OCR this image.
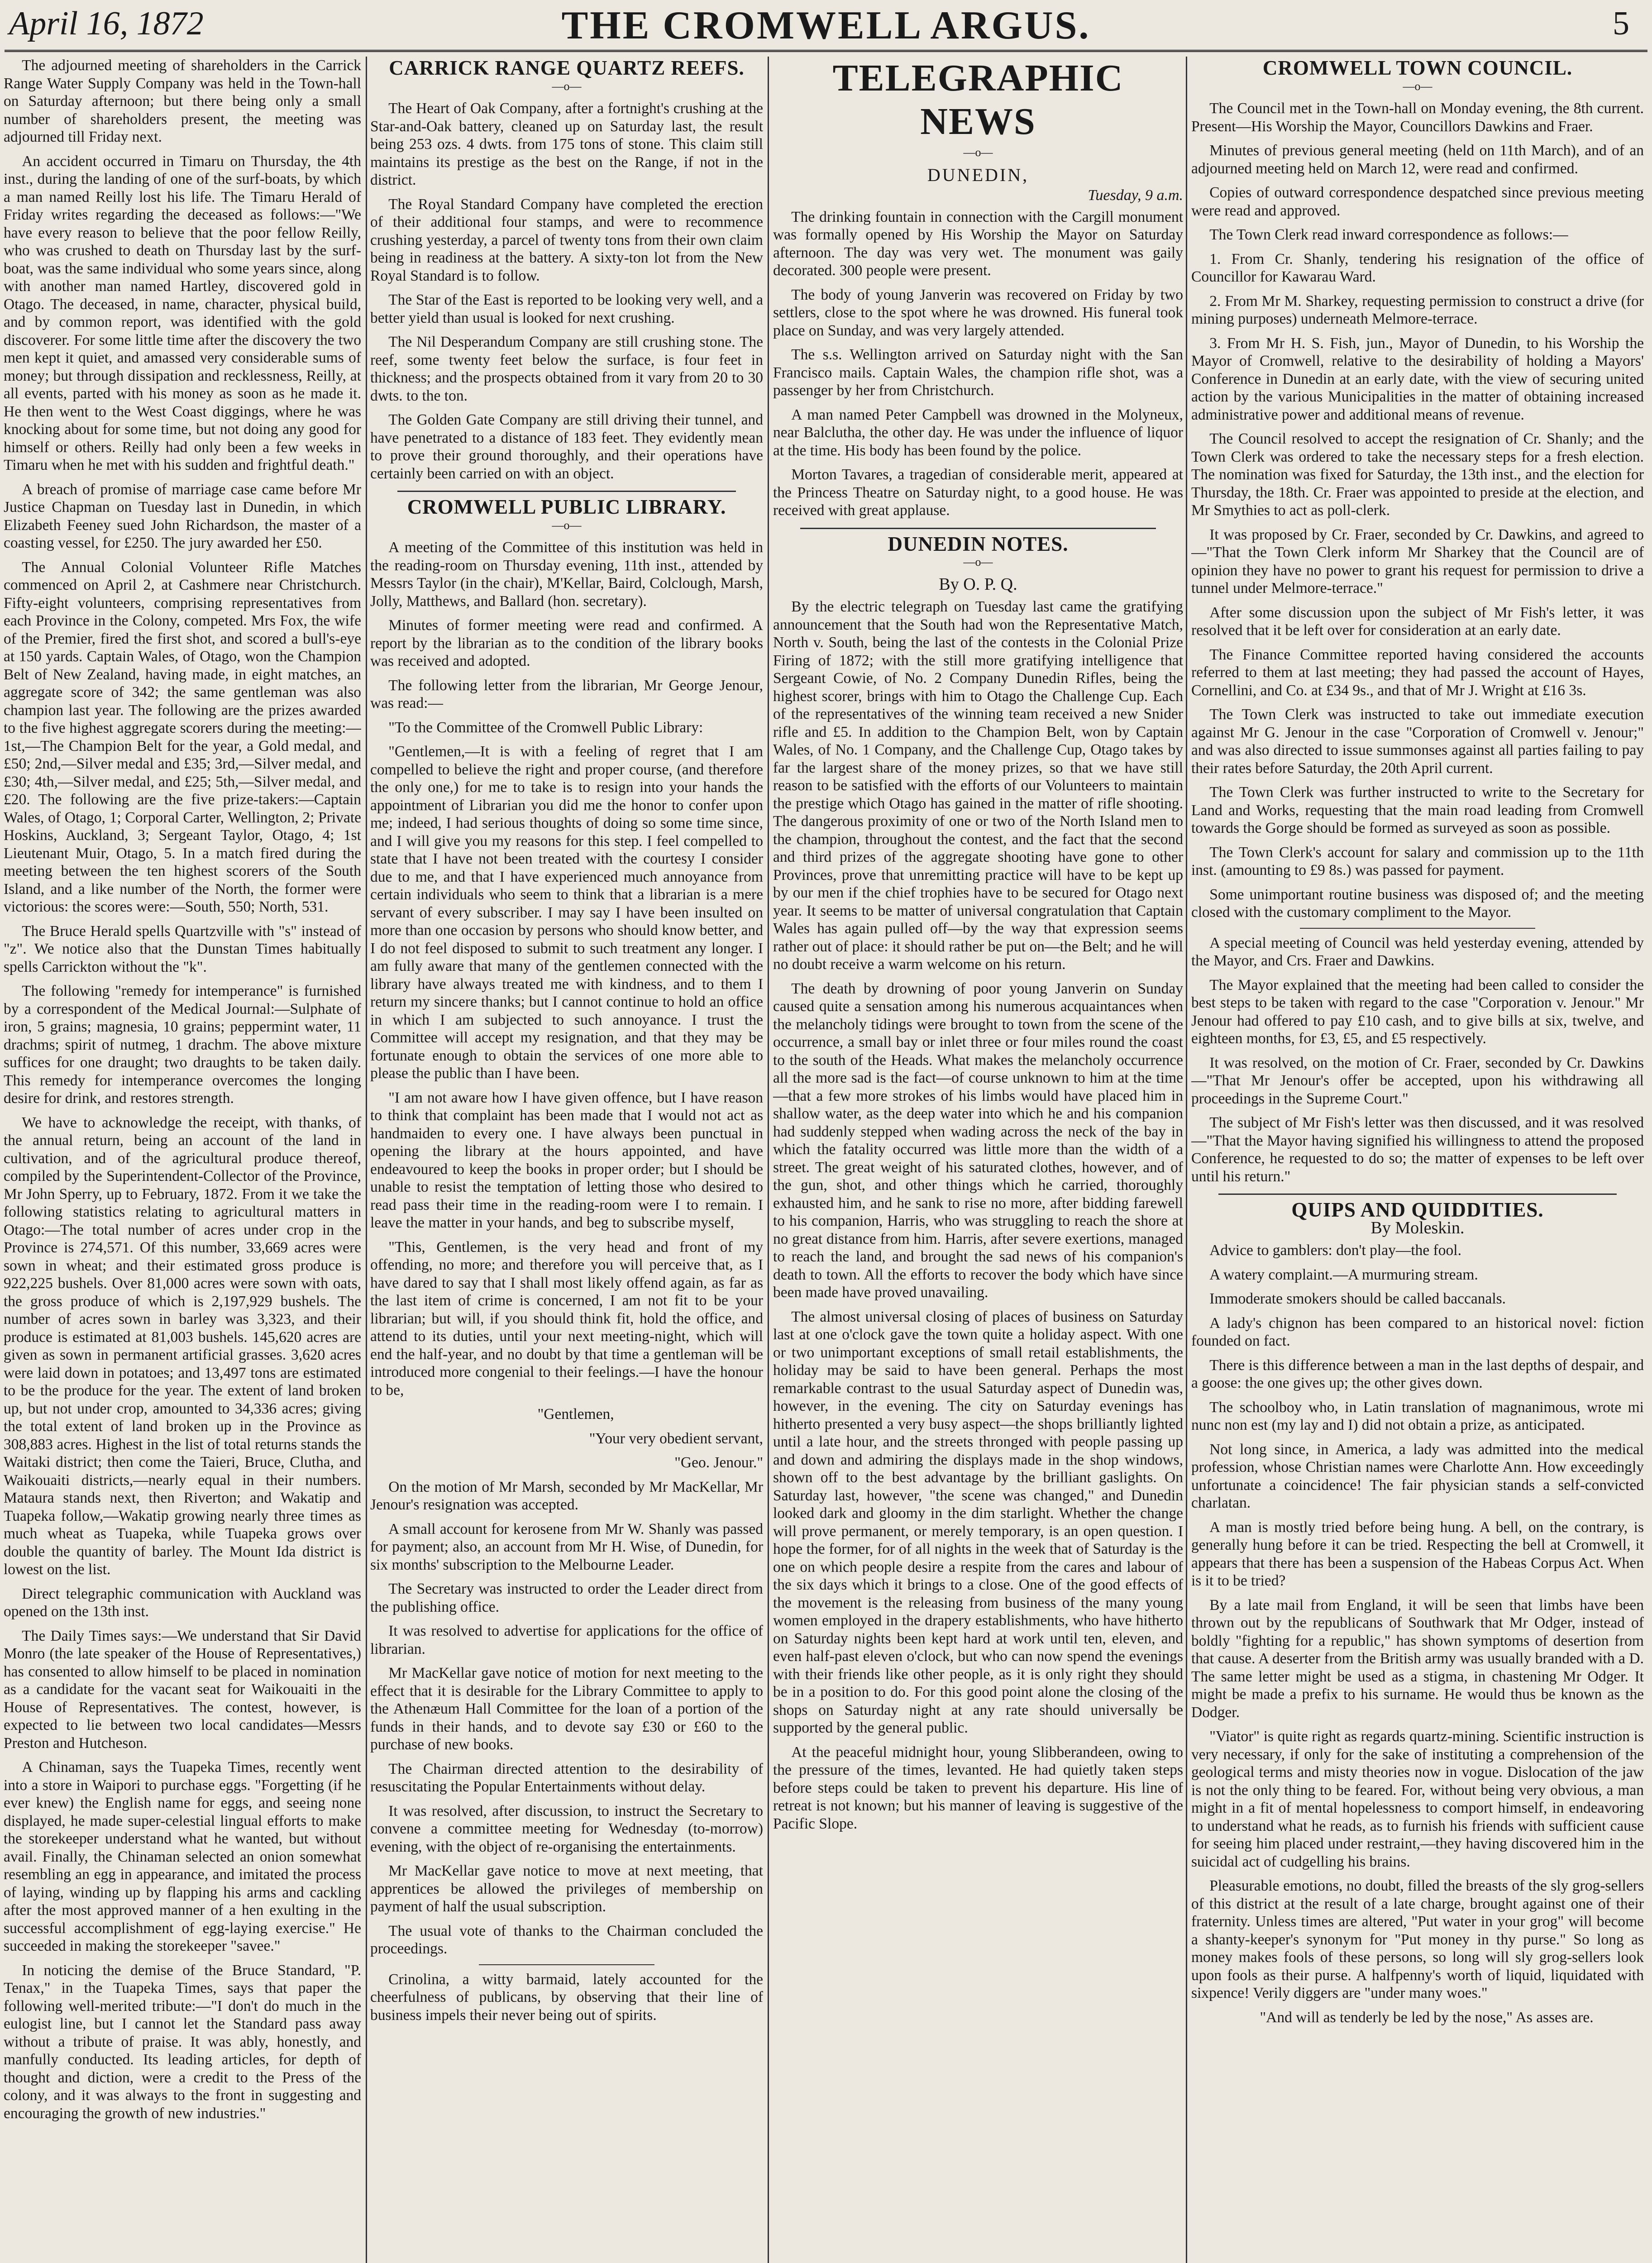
April 16, 1872	THE CROMWELL ARGUS.	5

The adjourned meeting of shareholders in the Carrick Range Water Supply Company was held in the Town-hall on Saturday afternoon; but there being only a small number of shareholders present, the meeting was adjourned till Friday next.

An accident occurred in Timaru on Thursday, the 4th inst., during the landing of one of the surf-boats, by which a man named Reilly lost his life. The Timaru Herald of Friday writes regarding the deceased as follows:—"We have every reason to believe that the poor fellow Reilly, who was crushed to death on Thursday last by the surf-boat, was the same individual who some years since, along with another man named Hartley, discovered gold in Otago. The deceased, in name, character, physical build, and by common report, was identified with the gold discoverer. For some little time after the discovery the two men kept it quiet, and amassed very considerable sums of money; but through dissipation and recklessness, Reilly, at all events, parted with his money as soon as he made it. He then went to the West Coast diggings, where he was knocking about for some time, but not doing any good for himself or others. Reilly had only been a few weeks in Timaru when he met with his sudden and frightful death."

A breach of promise of marriage case came before Mr Justice Chapman on Tuesday last in Dunedin, in which Elizabeth Feeney sued John Richardson, the master of a coasting vessel, for £250. The jury awarded her £50.

The Annual Colonial Volunteer Rifle Matches commenced on April 2, at Cashmere near Christchurch. Fifty-eight volunteers, comprising representatives from each Province in the Colony, competed. Mrs Fox, the wife of the Premier, fired the first shot, and scored a bull's-eye at 150 yards. Captain Wales, of Otago, won the Champion Belt of New Zealand, having made, in eight matches, an aggregate score of 342; the same gentleman was also champion last year. The following are the prizes awarded to the five highest aggregate scorers during the meeting:—1st,—The Champion Belt for the year, a Gold medal, and £50; 2nd,—Silver medal and £35; 3rd,—Silver medal, and £30; 4th,—Silver medal, and £25; 5th,—Silver medal, and £20. The following are the five prize-takers:—Captain Wales, of Otago, 1; Corporal Carter, Wellington, 2; Private Hoskins, Auckland, 3; Sergeant Taylor, Otago, 4; 1st Lieutenant Muir, Otago, 5. In a match fired during the meeting between the ten highest scorers of the South Island, and a like number of the North, the former were victorious: the scores were:—South, 550; North, 531.

The Bruce Herald spells Quartzville with "s" instead of "z". We notice also that the Dunstan Times habitually spells Carrickton without the "k".

The following "remedy for intemperance" is furnished by a correspondent of the Medical Journal:—Sulphate of iron, 5 grains; magnesia, 10 grains; peppermint water, 11 drachms; spirit of nutmeg, 1 drachm. The above mixture suffices for one draught; two draughts to be taken daily. This remedy for intemperance overcomes the longing desire for drink, and restores strength.

We have to acknowledge the receipt, with thanks, of the annual return, being an account of the land in cultivation, and of the agricultural produce thereof, compiled by the Superintendent-Collector of the Province, Mr John Sperry, up to February, 1872. From it we take the following statistics relating to agricultural matters in Otago:—The total number of acres under crop in the Province is 274,571. Of this number, 33,669 acres were sown in wheat; and their estimated gross produce is 922,225 bushels. Over 81,000 acres were sown with oats, the gross produce of which is 2,197,929 bushels. The number of acres sown in barley was 3,323, and their produce is estimated at 81,003 bushels. 145,620 acres are given as sown in permanent artificial grasses. 3,620 acres were laid down in potatoes; and 13,497 tons are estimated to be the produce for the year. The extent of land broken up, but not under crop, amounted to 34,336 acres; giving the total extent of land broken up in the Province as 308,883 acres. Highest in the list of total returns stands the Waitaki district; then come the Taieri, Bruce, Clutha, and Waikouaiti districts,—nearly equal in their numbers. Mataura stands next, then Riverton; and Wakatip and Tuapeka follow,—Wakatip growing nearly three times as much wheat as Tuapeka, while Tuapeka grows over double the quantity of barley. The Mount Ida district is lowest on the list.

Direct telegraphic communication with Auckland was opened on the 13th inst.

The Daily Times says:—We understand that Sir David Monro (the late speaker of the House of Representatives,) has consented to allow himself to be placed in nomination as a candidate for the vacant seat for Waikouaiti in the House of Representatives. The contest, however, is expected to lie between two local candidates—Messrs Preston and Hutcheson.

A Chinaman, says the Tuapeka Times, recently went into a store in Waipori to purchase eggs. "Forgetting (if he ever knew) the English name for eggs, and seeing none displayed, he made super-celestial lingual efforts to make the storekeeper understand what he wanted, but without avail. Finally, the Chinaman selected an onion somewhat resembling an egg in appearance, and imitated the process of laying, winding up by flapping his arms and cackling after the most approved manner of a hen exulting in the successful accomplishment of egg-laying exercise." He succeeded in making the storekeeper "savee."

In noticing the demise of the Bruce Standard, "P. Tenax," in the Tuapeka Times, says that paper the following well-merited tribute:—"I don't do much in the eulogist line, but I cannot let the Standard pass away without a tribute of praise. It was ably, honestly, and manfully conducted. Its leading articles, for depth of thought and diction, were a credit to the Press of the colony, and it was always to the front in suggesting and encouraging the growth of new industries."

CARRICK RANGE QUARTZ REEFS.
—o—

The Heart of Oak Company, after a fortnight's crushing at the Star-and-Oak battery, cleaned up on Saturday last, the result being 253 ozs. 4 dwts. from 175 tons of stone. This claim still maintains its prestige as the best on the Range, if not in the district.

The Royal Standard Company have completed the erection of their additional four stamps, and were to recommence crushing yesterday, a parcel of twenty tons from their own claim being in readiness at the battery. A sixty-ton lot from the New Royal Standard is to follow.

The Star of the East is reported to be looking very well, and a better yield than usual is looked for next crushing.

The Nil Desperandum Company are still crushing stone. The reef, some twenty feet below the surface, is four feet in thickness; and the prospects obtained from it vary from 20 to 30 dwts. to the ton.

The Golden Gate Company are still driving their tunnel, and have penetrated to a distance of 183 feet. They evidently mean to prove their ground thoroughly, and their operations have certainly been carried on with an object.

CROMWELL PUBLIC LIBRARY.
—o—

A meeting of the Committee of this institution was held in the reading-room on Thursday evening, 11th inst., attended by Messrs Taylor (in the chair), M'Kellar, Baird, Colclough, Marsh, Jolly, Matthews, and Ballard (hon. secretary).

Minutes of former meeting were read and confirmed. A report by the librarian as to the condition of the library books was received and adopted.

The following letter from the librarian, Mr George Jenour, was read:—

"To the Committee of the Cromwell Public Library:

"Gentlemen,—It is with a feeling of regret that I am compelled to believe the right and proper course, (and therefore the only one,) for me to take is to resign into your hands the appointment of Librarian you did me the honor to confer upon me; indeed, I had serious thoughts of doing so some time since, and I will give you my reasons for this step. I feel compelled to state that I have not been treated with the courtesy I consider due to me, and that I have experienced much annoyance from certain individuals who seem to think that a librarian is a mere servant of every subscriber. I may say I have been insulted on more than one occasion by persons who should know better, and I do not feel disposed to submit to such treatment any longer. I am fully aware that many of the gentlemen connected with the library have always treated me with kindness, and to them I return my sincere thanks; but I cannot continue to hold an office in which I am subjected to such annoyance. I trust the Committee will accept my resignation, and that they may be fortunate enough to obtain the services of one more able to please the public than I have been.

"I am not aware how I have given offence, but I have reason to think that complaint has been made that I would not act as handmaiden to every one. I have always been punctual in opening the library at the hours appointed, and have endeavoured to keep the books in proper order; but I should be unable to resist the temptation of letting those who desired to read pass their time in the reading-room were I to remain. I leave the matter in your hands, and beg to subscribe myself,

"This, Gentlemen, is the very head and front of my offending, no more; and therefore you will perceive that, as I have dared to say that I shall most likely offend again, as far as the last item of crime is concerned, I am not fit to be your librarian; but will, if you should think fit, hold the office, and attend to its duties, until your next meeting-night, which will end the half-year, and no doubt by that time a gentleman will be introduced more congenial to their feelings.—I have the honour to be,

"Gentlemen,

"Your very obedient servant,

"Geo. Jenour."

On the motion of Mr Marsh, seconded by Mr MacKellar, Mr Jenour's resignation was accepted.

A small account for kerosene from Mr W. Shanly was passed for payment; also, an account from Mr H. Wise, of Dunedin, for six months' subscription to the Melbourne Leader.

The Secretary was instructed to order the Leader direct from the publishing office.

It was resolved to advertise for applications for the office of librarian.

Mr MacKellar gave notice of motion for next meeting to the effect that it is desirable for the Library Committee to apply to the Athenæum Hall Committee for the loan of a portion of the funds in their hands, and to devote say £30 or £60 to the purchase of new books.

The Chairman directed attention to the desirability of resuscitating the Popular Entertainments without delay.

It was resolved, after discussion, to instruct the Secretary to convene a committee meeting for Wednesday (to-morrow) evening, with the object of re-organising the entertainments.

Mr MacKellar gave notice to move at next meeting, that apprentices be allowed the privileges of membership on payment of half the usual subscription.

The usual vote of thanks to the Chairman concluded the proceedings.

Crinolina, a witty barmaid, lately accounted for the cheerfulness of publicans, by observing that their line of business impels their never being out of spirits.

TELEGRAPHIC NEWS
—o—
DUNEDIN,
Tuesday, 9 a.m.

The drinking fountain in connection with the Cargill monument was formally opened by His Worship the Mayor on Saturday afternoon. The day was very wet. The monument was gaily decorated. 300 people were present.

The body of young Janverin was recovered on Friday by two settlers, close to the spot where he was drowned. His funeral took place on Sunday, and was very largely attended.

The s.s. Wellington arrived on Saturday night with the San Francisco mails. Captain Wales, the champion rifle shot, was a passenger by her from Christchurch.

A man named Peter Campbell was drowned in the Molyneux, near Balclutha, the other day. He was under the influence of liquor at the time. His body has been found by the police.

Morton Tavares, a tragedian of considerable merit, appeared at the Princess Theatre on Saturday night, to a good house. He was received with great applause.

DUNEDIN NOTES.
—o—
By O. P. Q.

By the electric telegraph on Tuesday last came the gratifying announcement that the South had won the Representative Match, North v. South, being the last of the contests in the Colonial Prize Firing of 1872; with the still more gratifying intelligence that Sergeant Cowie, of No. 2 Company Dunedin Rifles, being the highest scorer, brings with him to Otago the Challenge Cup. Each of the representatives of the winning team received a new Snider rifle and £5. In addition to the Champion Belt, won by Captain Wales, of No. 1 Company, and the Challenge Cup, Otago takes by far the largest share of the money prizes, so that we have still reason to be satisfied with the efforts of our Volunteers to maintain the prestige which Otago has gained in the matter of rifle shooting. The dangerous proximity of one or two of the North Island men to the champion, throughout the contest, and the fact that the second and third prizes of the aggregate shooting have gone to other Provinces, prove that unremitting practice will have to be kept up by our men if the chief trophies have to be secured for Otago next year. It seems to be matter of universal congratulation that Captain Wales has again pulled off—by the way that expression seems rather out of place: it should rather be put on—the Belt; and he will no doubt receive a warm welcome on his return.

The death by drowning of poor young Janverin on Sunday caused quite a sensation among his numerous acquaintances when the melancholy tidings were brought to town from the scene of the occurrence, a small bay or inlet three or four miles round the coast to the south of the Heads. What makes the melancholy occurrence all the more sad is the fact—of course unknown to him at the time—that a few more strokes of his limbs would have placed him in shallow water, as the deep water into which he and his companion had suddenly stepped when wading across the neck of the bay in which the fatality occurred was little more than the width of a street. The great weight of his saturated clothes, however, and of the gun, shot, and other things which he carried, thoroughly exhausted him, and he sank to rise no more, after bidding farewell to his companion, Harris, who was struggling to reach the shore at no great distance from him. Harris, after severe exertions, managed to reach the land, and brought the sad news of his companion's death to town. All the efforts to recover the body which have since been made have proved unavailing.

The almost universal closing of places of business on Saturday last at one o'clock gave the town quite a holiday aspect. With one or two unimportant exceptions of small retail establishments, the holiday may be said to have been general. Perhaps the most remarkable contrast to the usual Saturday aspect of Dunedin was, however, in the evening. The city on Saturday evenings has hitherto presented a very busy aspect—the shops brilliantly lighted until a late hour, and the streets thronged with people passing up and down and admiring the displays made in the shop windows, shown off to the best advantage by the brilliant gaslights. On Saturday last, however, "the scene was changed," and Dunedin looked dark and gloomy in the dim starlight. Whether the change will prove permanent, or merely temporary, is an open question. I hope the former, for of all nights in the week that of Saturday is the one on which people desire a respite from the cares and labour of the six days which it brings to a close. One of the good effects of the movement is the releasing from business of the many young women employed in the drapery establishments, who have hitherto on Saturday nights been kept hard at work until ten, eleven, and even half-past eleven o'clock, but who can now spend the evenings with their friends like other people, as it is only right they should be in a position to do. For this good point alone the closing of the shops on Saturday night at any rate should universally be supported by the general public.

At the peaceful midnight hour, young Slibberandeen, owing to the pressure of the times, levanted. He had quietly taken steps before steps could be taken to prevent his departure. His line of retreat is not known; but his manner of leaving is suggestive of the Pacific Slope.

CROMWELL TOWN COUNCIL.
—o—

The Council met in the Town-hall on Monday evening, the 8th current. Present—His Worship the Mayor, Councillors Dawkins and Fraer.

Minutes of previous general meeting (held on 11th March), and of an adjourned meeting held on March 12, were read and confirmed.

Copies of outward correspondence despatched since previous meeting were read and approved.

The Town Clerk read inward correspondence as follows:—

1. From Cr. Shanly, tendering his resignation of the office of Councillor for Kawarau Ward.

2. From Mr M. Sharkey, requesting permission to construct a drive (for mining purposes) underneath Melmore-terrace.

3. From Mr H. S. Fish, jun., Mayor of Dunedin, to his Worship the Mayor of Cromwell, relative to the desirability of holding a Mayors' Conference in Dunedin at an early date, with the view of securing united action by the various Municipalities in the matter of obtaining increased administrative power and additional means of revenue.

The Council resolved to accept the resignation of Cr. Shanly; and the Town Clerk was ordered to take the necessary steps for a fresh election. The nomination was fixed for Saturday, the 13th inst., and the election for Thursday, the 18th. Cr. Fraer was appointed to preside at the election, and Mr Smythies to act as poll-clerk.

It was proposed by Cr. Fraer, seconded by Cr. Dawkins, and agreed to—"That the Town Clerk inform Mr Sharkey that the Council are of opinion they have no power to grant his request for permission to drive a tunnel under Melmore-terrace."

After some discussion upon the subject of Mr Fish's letter, it was resolved that it be left over for consideration at an early date.

The Finance Committee reported having considered the accounts referred to them at last meeting; they had passed the account of Hayes, Cornellini, and Co. at £34 9s., and that of Mr J. Wright at £16 3s.

The Town Clerk was instructed to take out immediate execution against Mr G. Jenour in the case "Corporation of Cromwell v. Jenour;" and was also directed to issue summonses against all parties failing to pay their rates before Saturday, the 20th April current.

The Town Clerk was further instructed to write to the Secretary for Land and Works, requesting that the main road leading from Cromwell towards the Gorge should be formed as surveyed as soon as possible.

The Town Clerk's account for salary and commission up to the 11th inst. (amounting to £9 8s.) was passed for payment.

Some unimportant routine business was disposed of; and the meeting closed with the customary compliment to the Mayor.

A special meeting of Council was held yesterday evening, attended by the Mayor, and Crs. Fraer and Dawkins.

The Mayor explained that the meeting had been called to consider the best steps to be taken with regard to the case "Corporation v. Jenour." Mr Jenour had offered to pay £10 cash, and to give bills at six, twelve, and eighteen months, for £3, £5, and £5 respectively.

It was resolved, on the motion of Cr. Fraer, seconded by Cr. Dawkins—"That Mr Jenour's offer be accepted, upon his withdrawing all proceedings in the Supreme Court."

The subject of Mr Fish's letter was then discussed, and it was resolved—"That the Mayor having signified his willingness to attend the proposed Conference, he requested to do so; the matter of expenses to be left over until his return."

QUIPS AND QUIDDITIES.
By Moleskin.

Advice to gamblers: don't play—the fool.

A watery complaint.—A murmuring stream.

Immoderate smokers should be called baccanals.

A lady's chignon has been compared to an historical novel: fiction founded on fact.

There is this difference between a man in the last depths of despair, and a goose: the one gives up; the other gives down.

The schoolboy who, in Latin translation of magnanimous, wrote mi nunc non est (my lay and I) did not obtain a prize, as anticipated.

Not long since, in America, a lady was admitted into the medical profession, whose Christian names were Charlotte Ann. How exceedingly unfortunate a coincidence! The fair physician stands a self-convicted charlatan.

A man is mostly tried before being hung. A bell, on the contrary, is generally hung before it can be tried. Respecting the bell at Cromwell, it appears that there has been a suspension of the Habeas Corpus Act. When is it to be tried?

By a late mail from England, it will be seen that limbs have been thrown out by the republicans of Southwark that Mr Odger, instead of boldly "fighting for a republic," has shown symptoms of desertion from that cause. A deserter from the British army was usually branded with a D. The same letter might be used as a stigma, in chastening Mr Odger. It might be made a prefix to his surname. He would thus be known as the Dodger.

"Viator" is quite right as regards quartz-mining. Scientific instruction is very necessary, if only for the sake of instituting a comprehension of the geological terms and misty theories now in vogue. Dislocation of the jaw is not the only thing to be feared. For, without being very obvious, a man might in a fit of mental hopelessness to comport himself, in endeavoring to understand what he reads, as to furnish his friends with sufficient cause for seeing him placed under restraint,—they having discovered him in the suicidal act of cudgelling his brains.

Pleasurable emotions, no doubt, filled the breasts of the sly grog-sellers of this district at the result of a late charge, brought against one of their fraternity. Unless times are altered, "Put water in your grog" will become a shanty-keeper's synonym for "Put money in thy purse." So long as money makes fools of these persons, so long will sly grog-sellers look upon fools as their purse. A halfpenny's worth of liquid, liquidated with sixpence! Verily diggers are "under many woes."

"And will as tenderly be led by the nose," As asses are.
